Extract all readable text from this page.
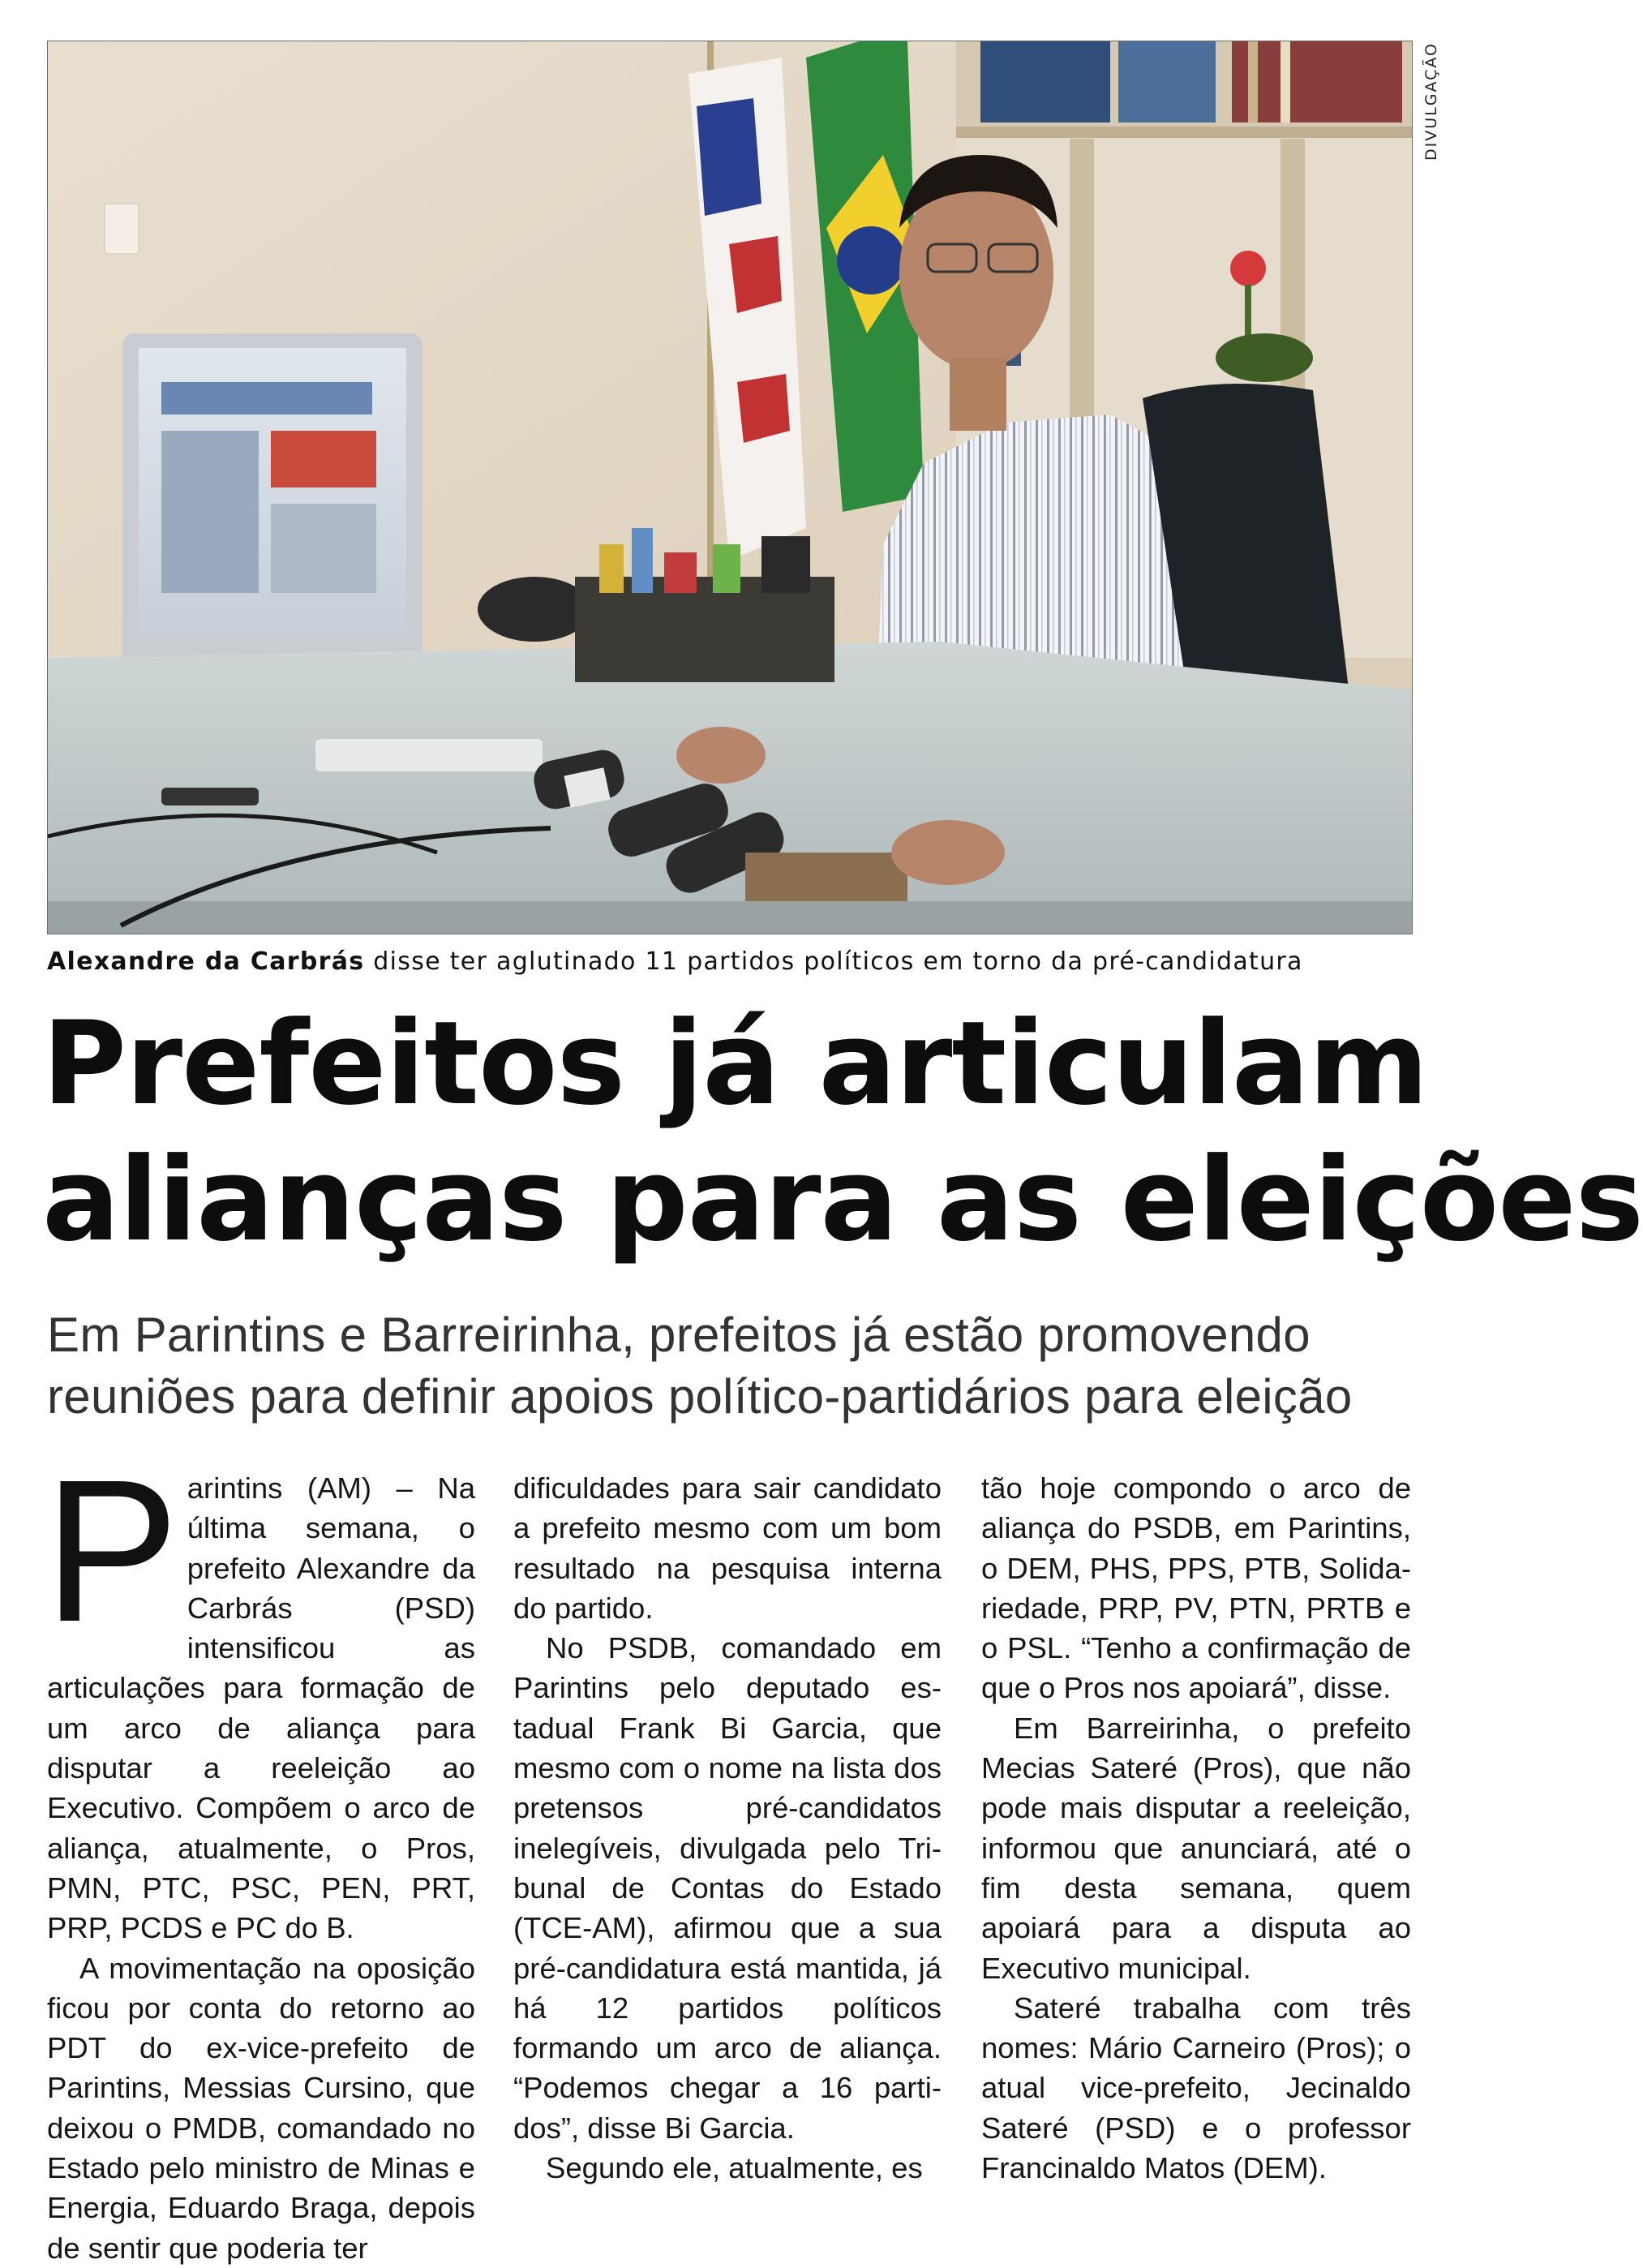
DIVULGAÇÃO
Alexandre da Carbrás disse ter aglutinado 11 partidos políticos em torno da pré-candidatura
Prefeitos já articulam
alianças para as eleições
Em Parintins e Barreirinha, prefeitos já estão promovendo
reuniões para definir apoios político-partidários para eleição

Parintins (AM) – Na última semana, o prefeito Alexandre da Carbrás (PSD) intensificou as articulações para formação de um arco de aliança para disputar a reeleição ao Executivo. Compõem o arco de aliança, atualmente, o Pros, PMN, PTC, PSC, PEN, PRT, PRP, PCDS e PC do B.

A movimentação na oposição ficou por conta do retorno ao PDT do ex-vice-prefeito de Parintins, Messias Cursino, que deixou o PMDB, comandado no Estado pelo ministro de Minas e Energia, Eduardo Braga, depois de sentir que poderia ter

dificuldades para sair candidato a prefeito mesmo com um bom resultado na pesquisa interna do partido.

No PSDB, comandado em Parintins pelo deputado estadual Frank Bi Garcia, que mesmo com o nome na lista dos pretensos pré-candidatos inelegíveis, divulgada pelo Tribunal de Contas do Estado (TCE-AM), afirmou que a sua pré-candidatura está mantida, já há 12 partidos políticos formando um arco de aliança. “Podemos chegar a 16 partidos”, disse Bi Garcia.

Segundo ele, atualmente, es

tão hoje compondo o arco de aliança do PSDB, em Parintins, o DEM, PHS, PPS, PTB, Solidariedade, PRP, PV, PTN, PRTB e o PSL. “Tenho a confirmação de que o Pros nos apoiará”, disse.

Em Barreirinha, o prefeito Mecias Sateré (Pros), que não pode mais disputar a reeleição, informou que anunciará, até o fim desta semana, quem apoiará para a disputa ao Executivo municipal.

Sateré trabalha com três nomes: Mário Carneiro (Pros); o atual vice-prefeito, Jecinaldo Sateré (PSD) e o professor Francinaldo Matos (DEM).
